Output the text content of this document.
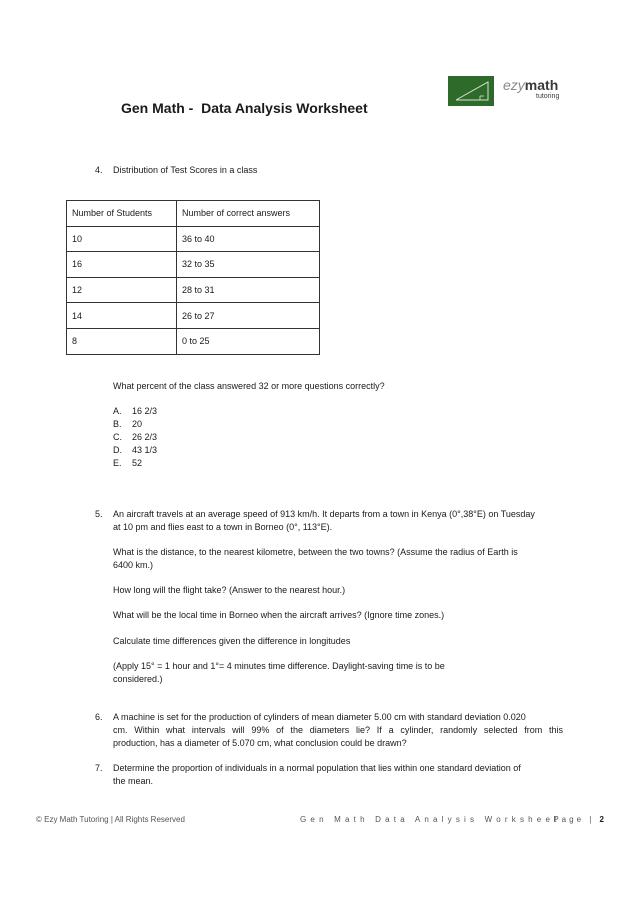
ezymath
tutoring
Gen Math -  Data Analysis Worksheet
4. Distribution of Test Scores in a class
Number of Students	Number of correct answers
10	36 to 40
16	32 to 35
12	28 to 31
14	26 to 27
8	0 to 25
What percent of the class answered 32 or more questions correctly?
A. 16 2/3
B. 20
C. 26 2/3
D. 43 1/3
E. 52
5. An aircraft travels at an average speed of 913 km/h. It departs from a town in Kenya (0°,38°E) on Tuesday
at 10 pm and flies east to a town in Borneo (0°, 113°E).
What is the distance, to the nearest kilometre, between the two towns? (Assume the radius of Earth is
6400 km.)
How long will the flight take? (Answer to the nearest hour.)
What will be the local time in Borneo when the aircraft arrives? (Ignore time zones.)
Calculate time differences given the difference in longitudes
(Apply 15° = 1 hour and 1°= 4 minutes time difference. Daylight-saving time is to be
considered.)
6. A machine is set for the production of cylinders of mean diameter 5.00 cm with standard deviation 0.020
cm. Within what intervals will 99% of the diameters lie? If a cylinder, randomly selected from this
production, has a diameter of 5.070 cm, what conclusion could be drawn?
7. Determine the proportion of individuals in a normal population that lies within one standard deviation of
the mean.
© Ezy Math Tutoring | All Rights Reserved	Gen Math Data Analysis Worksheet
Page | 2
